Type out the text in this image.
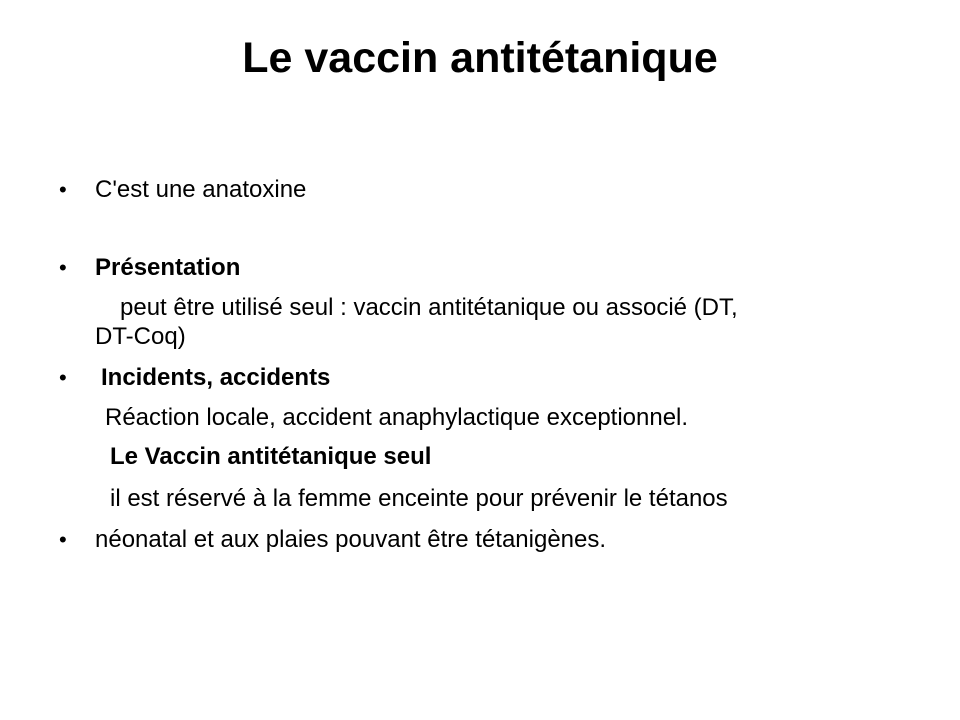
Le vaccin antitétanique
• C'est une anatoxine
• Présentation
peut être utilisé seul : vaccin antitétanique ou associé (DT,
DT-Coq)
• Incidents, accidents
Réaction locale, accident anaphylactique exceptionnel.
Le Vaccin antitétanique seul
il est réservé à la femme enceinte pour prévenir le tétanos
• néonatal et aux plaies pouvant être tétanigènes.
